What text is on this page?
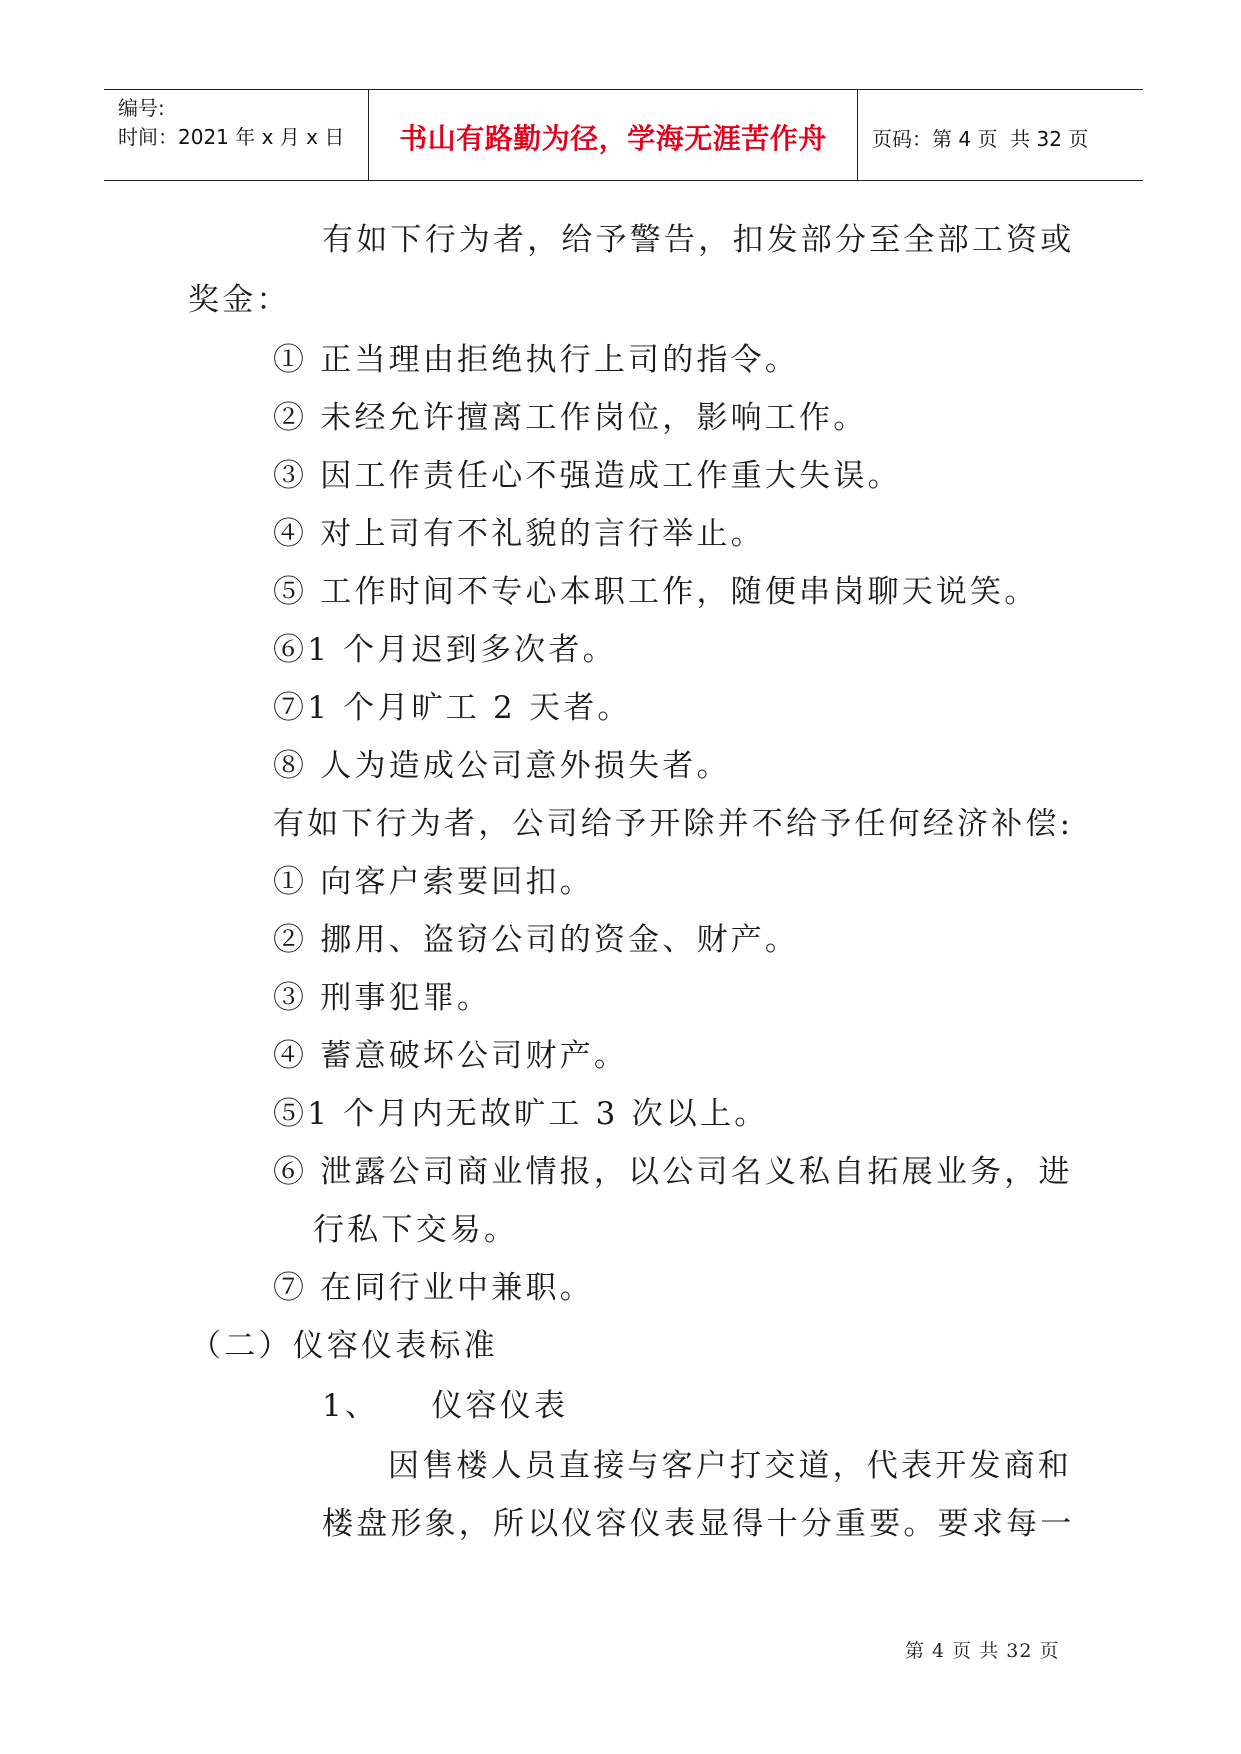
编号:
时间：2021 年 x 月 x 日	书山有路勤为径，学海无涯苦作舟	页码：第 4 页  共 32 页
有如下行为者，给予警告，扣发部分至全部工资或
奖金：
① 正当理由拒绝执行上司的指令。
② 未经允许擅离工作岗位，影响工作。
③ 因工作责任心不强造成工作重大失误。
④ 对上司有不礼貌的言行举止。
⑤ 工作时间不专心本职工作，随便串岗聊天说笑。
⑥1 个月迟到多次者。
⑦1 个月旷工 2 天者。
⑧ 人为造成公司意外损失者。
有如下行为者，公司给予开除并不给予任何经济补偿:
① 向客户索要回扣。
② 挪用、盗窃公司的资金、财产。
③ 刑事犯罪。
④ 蓄意破坏公司财产。
⑤1 个月内无故旷工 3 次以上。
⑥ 泄露公司商业情报，以公司名义私自拓展业务，进
行私下交易。
⑦ 在同行业中兼职。
（二）仪容仪表标准
1、    仪容仪表
因售楼人员直接与客户打交道，代表开发商和
楼盘形象，所以仪容仪表显得十分重要。要求每一
第 4 页 共 32 页
